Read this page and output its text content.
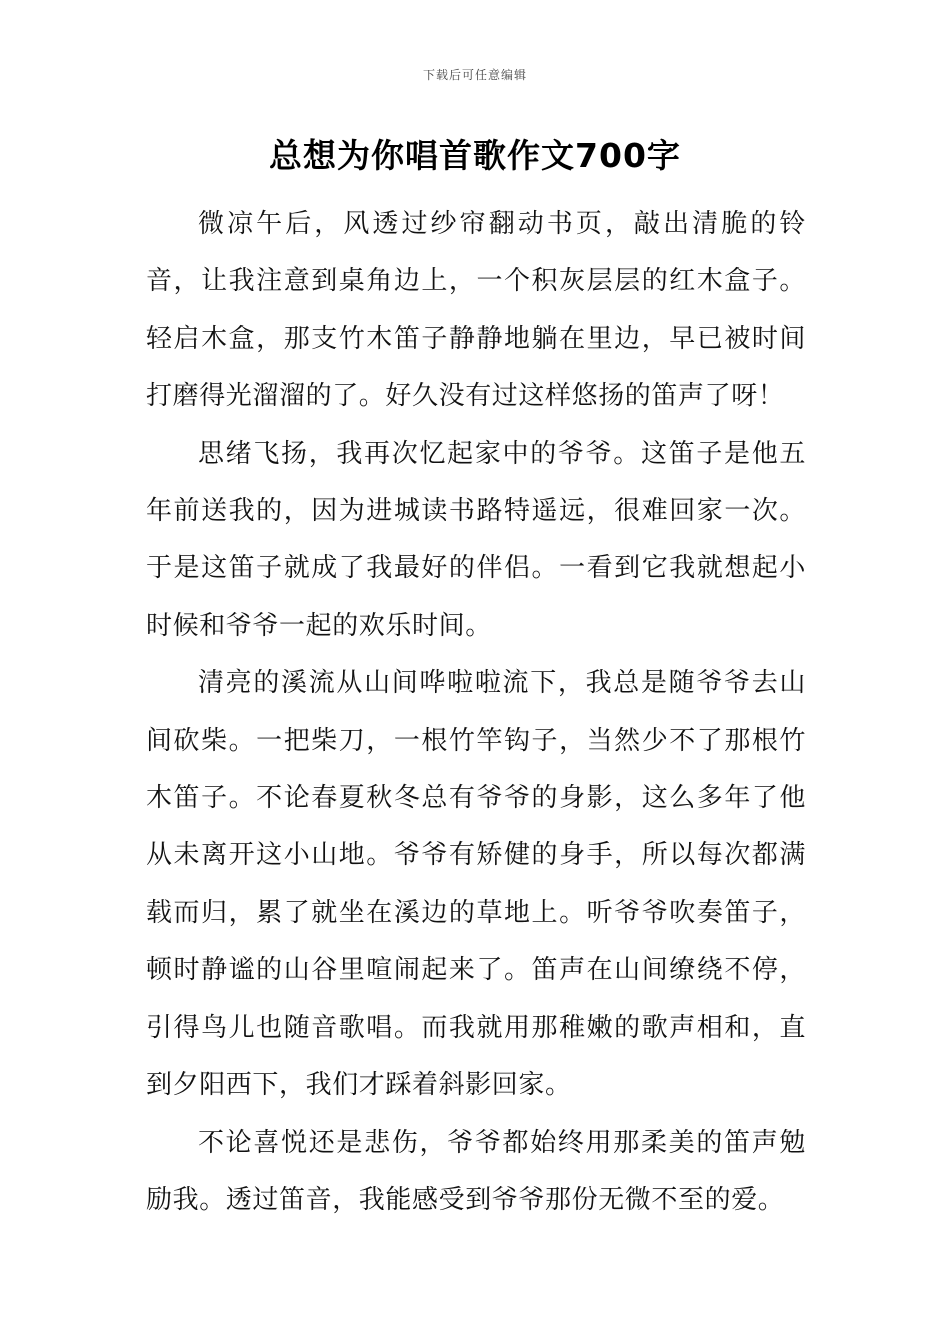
下载后可任意编辑
总想为你唱首歌作文700字

微凉午后，风透过纱帘翻动书页，敲出清脆的铃音，让我注意到桌角边上，一个积灰层层的红木盒子。轻启木盒，那支竹木笛子静静地躺在里边，早已被时间打磨得光溜溜的了。好久没有过这样悠扬的笛声了呀！

思绪飞扬，我再次忆起家中的爷爷。这笛子是他五年前送我的，因为进城读书路特遥远，很难回家一次。于是这笛子就成了我最好的伴侣。一看到它我就想起小时候和爷爷一起的欢乐时间。

清亮的溪流从山间哗啦啦流下，我总是随爷爷去山间砍柴。一把柴刀，一根竹竿钩子，当然少不了那根竹木笛子。不论春夏秋冬总有爷爷的身影，这么多年了他从未离开这小山地。爷爷有矫健的身手，所以每次都满载而归，累了就坐在溪边的草地上。听爷爷吹奏笛子，顿时静谧的山谷里喧闹起来了。笛声在山间缭绕不停，引得鸟儿也随音歌唱。而我就用那稚嫩的歌声相和，直到夕阳西下，我们才踩着斜影回家。

不论喜悦还是悲伤，爷爷都始终用那柔美的笛声勉励我。透过笛音，我能感受到爷爷那份无微不至的爱。
